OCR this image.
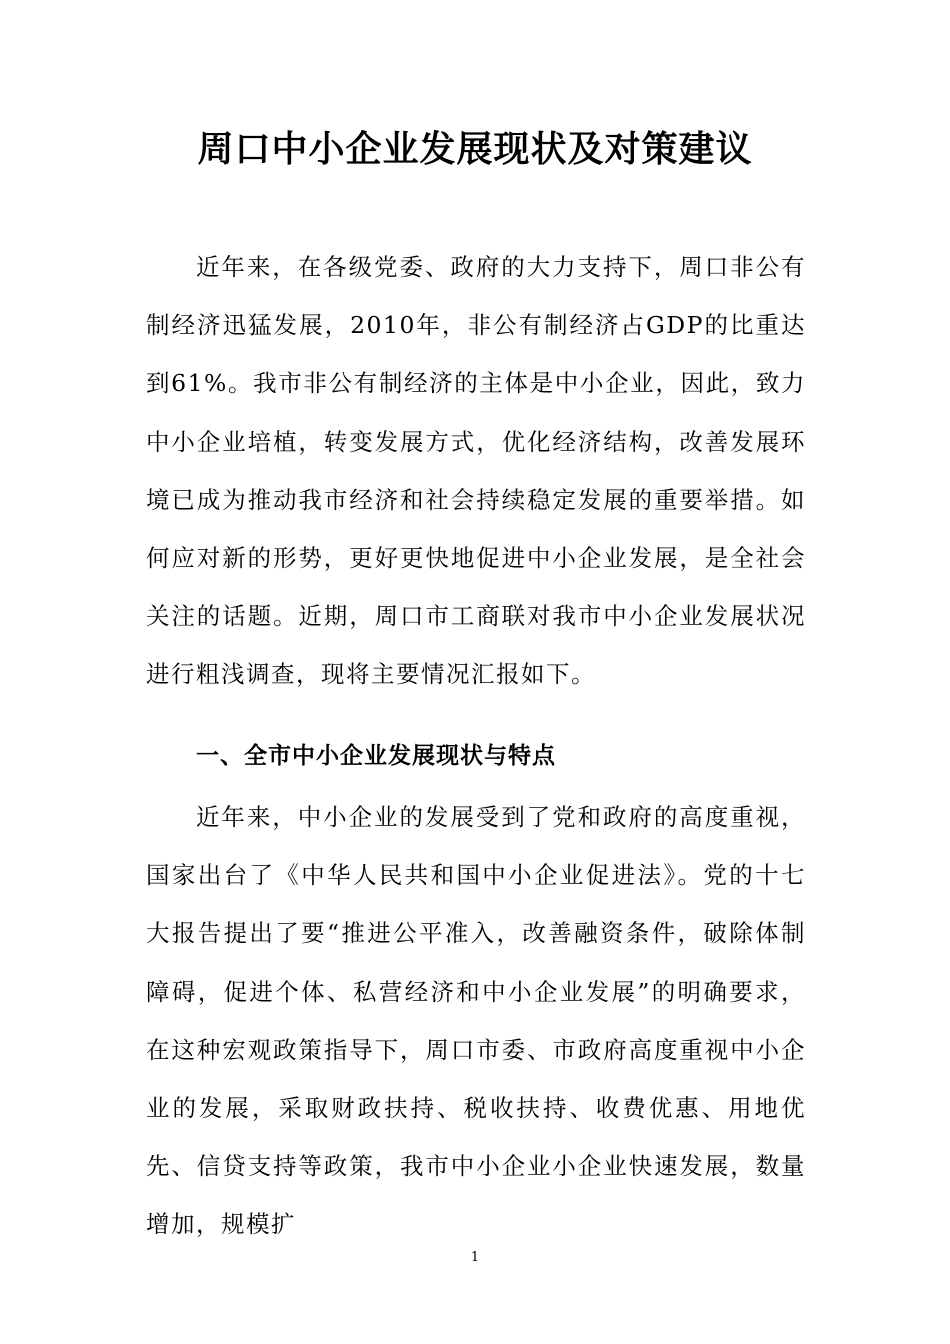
周口中小企业发展现状及对策建议

近年来，在各级党委、政府的大力支持下，周口非公有制经济迅猛发展，2010年，非公有制经济占GDP的比重达到61%。我市非公有制经济的主体是中小企业，因此，致力中小企业培植，转变发展方式，优化经济结构，改善发展环境已成为推动我市经济和社会持续稳定发展的重要举措。如何应对新的形势，更好更快地促进中小企业发展，是全社会关注的话题。近期，周口市工商联对我市中小企业发展状况进行粗浅调查，现将主要情况汇报如下。

一、全市中小企业发展现状与特点

近年来，中小企业的发展受到了党和政府的高度重视，国家出台了《中华人民共和国中小企业促进法》。党的十七大报告提出了要“推进公平准入，改善融资条件，破除体制障碍，促进个体、私营经济和中小企业发展”的明确要求，在这种宏观政策指导下，周口市委、市政府高度重视中小企业的发展，采取财政扶持、税收扶持、收费优惠、用地优先、信贷支持等政策，我市中小企业小企业快速发展，数量增加，规模扩

1
